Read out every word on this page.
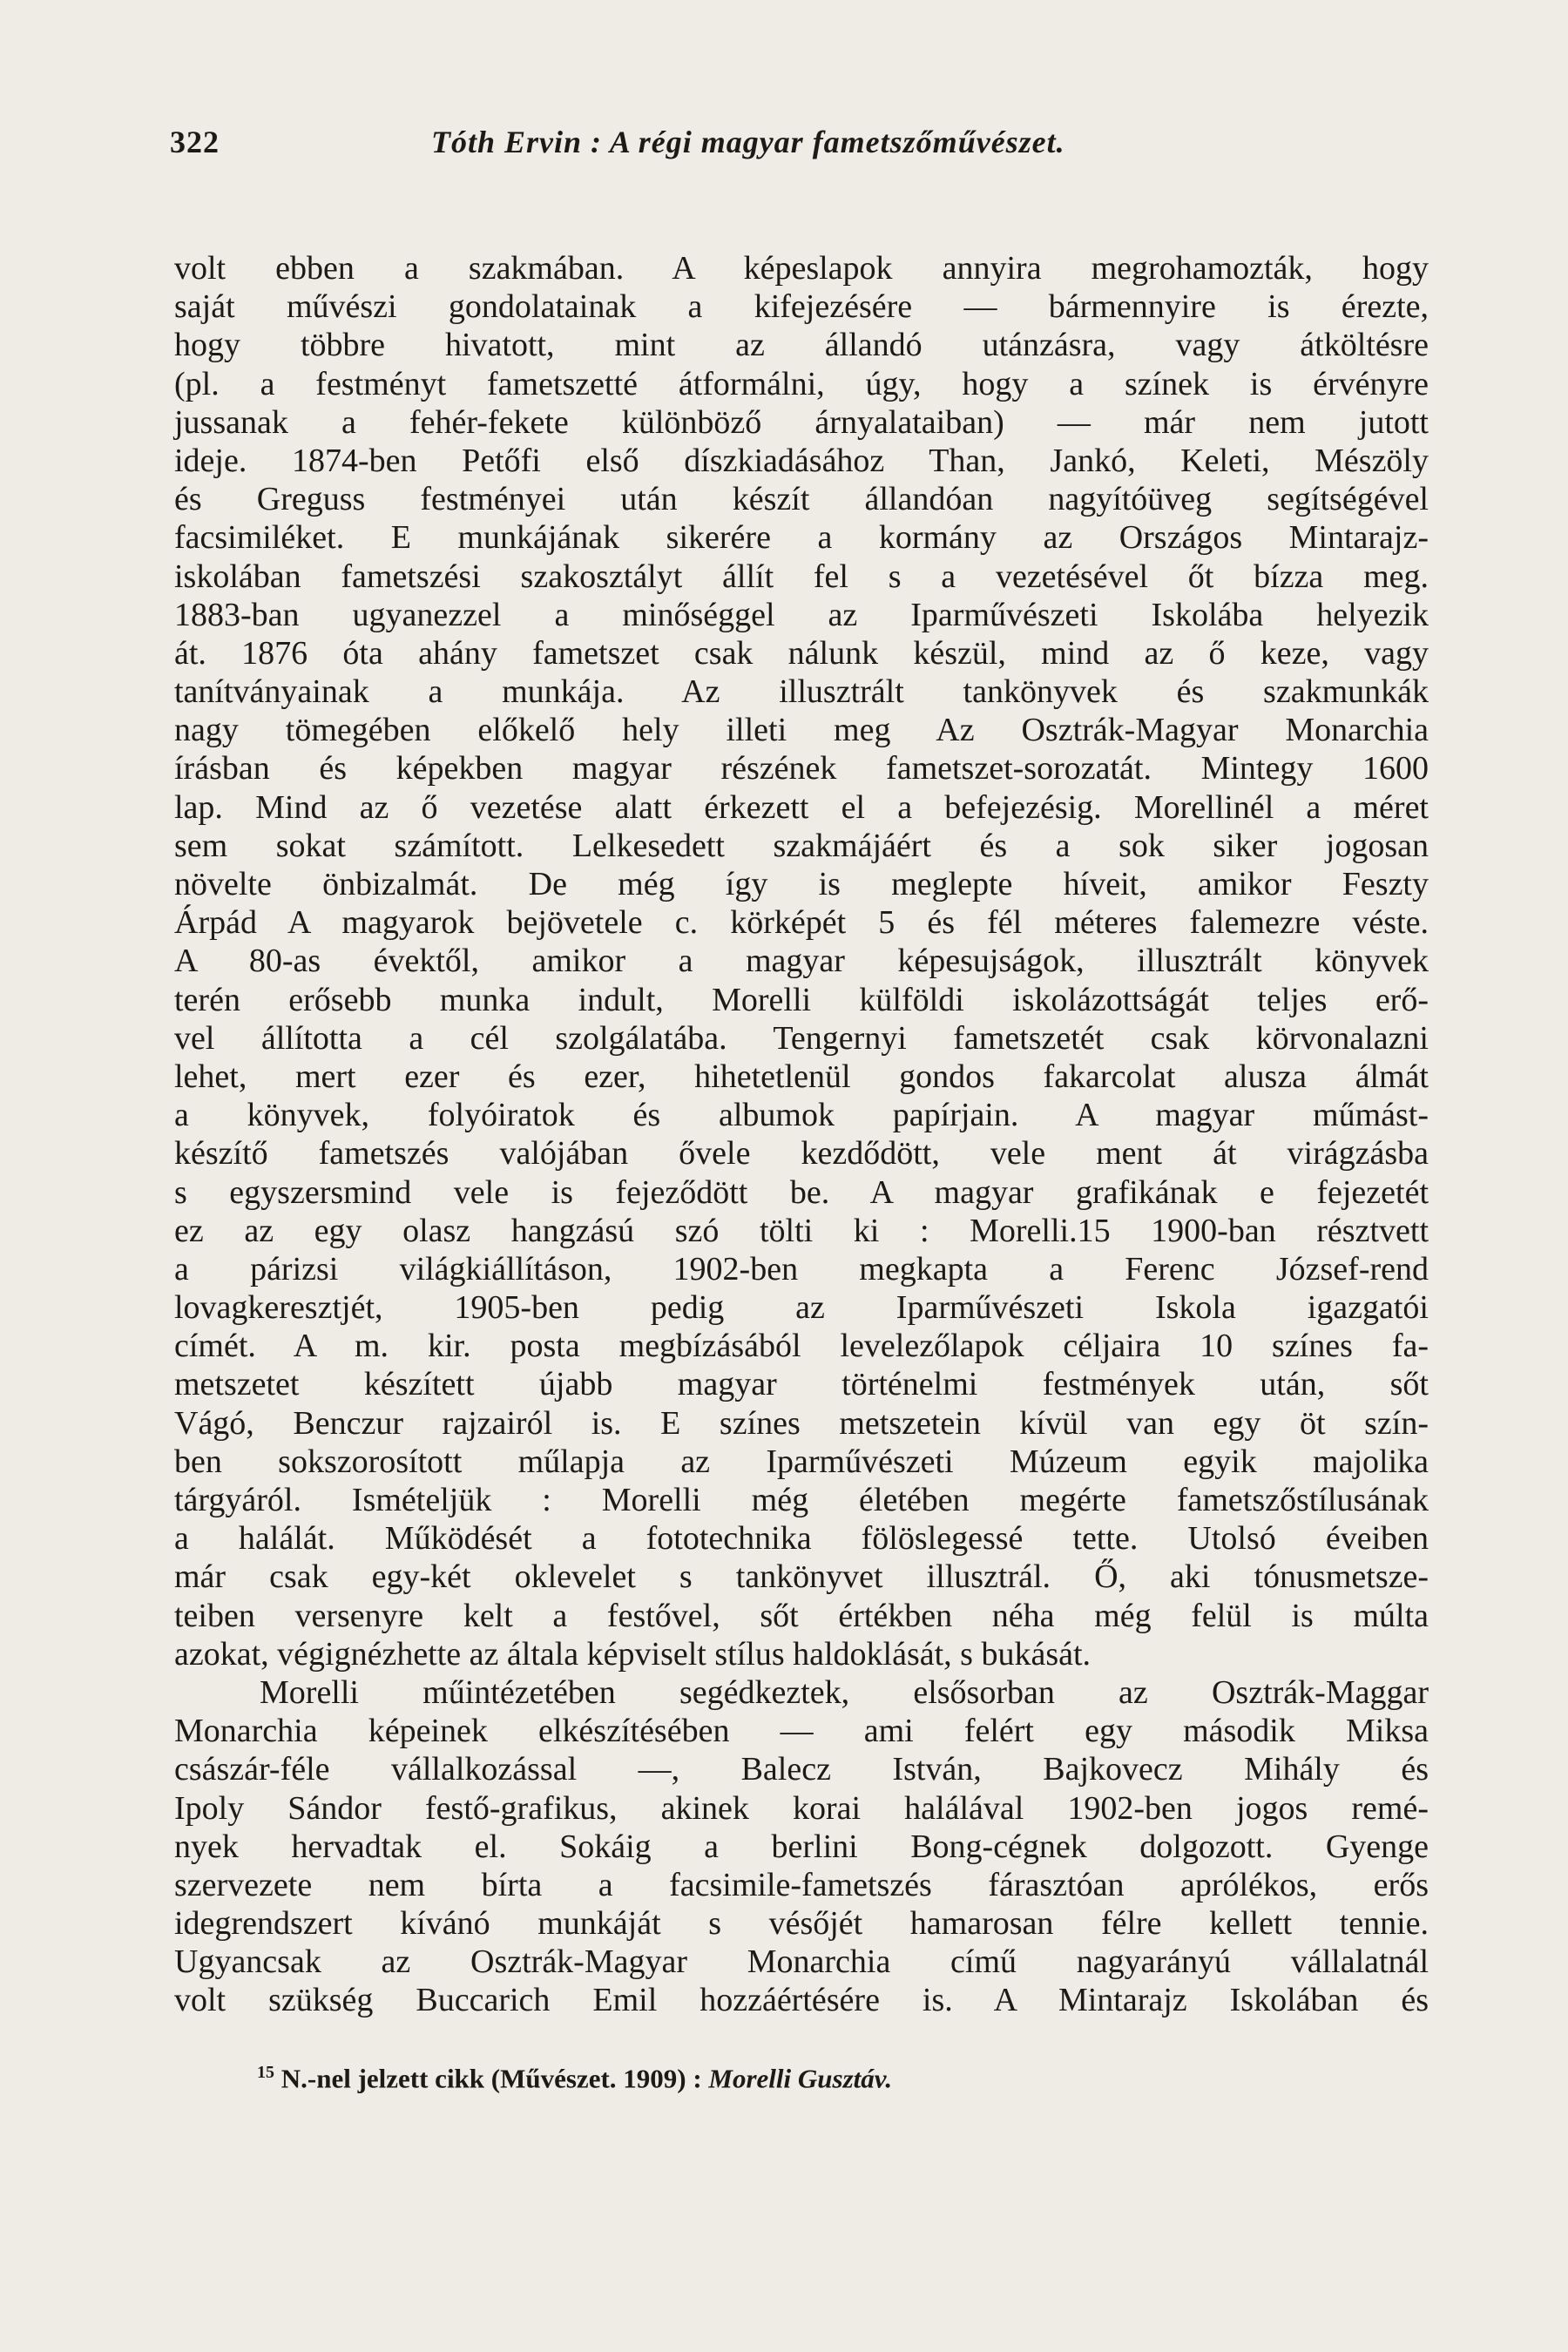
322	Tóth Ervin : A régi magyar fametszőművészet.
volt ebben a szakmában. A képeslapok annyira megrohamozták, hogy
saját művészi gondolatainak a kifejezésére — bármennyire is érezte,
hogy többre hivatott, mint az állandó utánzásra, vagy átköltésre
(pl. a festményt fametszetté átformálni, úgy, hogy a színek is érvényre
jussanak a fehér-fekete különböző árnyalataiban) — már nem jutott
ideje. 1874-ben Petőfi első díszkiadásához Than, Jankó, Keleti, Mészöly
és Greguss festményei után készít állandóan nagyítóüveg segítségével
facsimiléket. E munkájának sikerére a kormány az Országos Mintarajz-
iskolában fametszési szakosztályt állít fel s a vezetésével őt bízza meg.
1883-ban ugyanezzel a minőséggel az Iparművészeti Iskolába helyezik
át. 1876 óta ahány fametszet csak nálunk készül, mind az ő keze, vagy
tanítványainak a munkája. Az illusztrált tankönyvek és szakmunkák
nagy tömegében előkelő hely illeti meg Az Osztrák-Magyar Monarchia
írásban és képekben magyar részének fametszet-sorozatát. Mintegy 1600
lap. Mind az ő vezetése alatt érkezett el a befejezésig. Morellinél a méret
sem sokat számított. Lelkesedett szakmájáért és a sok siker jogosan
növelte önbizalmát. De még így is meglepte híveit, amikor Feszty
Árpád A magyarok bejövetele c. körképét 5 és fél méteres falemezre véste.
A 80-as évektől, amikor a magyar képesujságok, illusztrált könyvek
terén erősebb munka indult, Morelli külföldi iskolázottságát teljes erő-
vel állította a cél szolgálatába. Tengernyi fametszetét csak körvonalazni
lehet, mert ezer és ezer, hihetetlenül gondos fakarcolat alusza álmát
a könyvek, folyóiratok és albumok papírjain. A magyar műmást-
készítő fametszés valójában ővele kezdődött, vele ment át virágzásba
s egyszersmind vele is fejeződött be. A magyar grafikának e fejezetét
ez az egy olasz hangzású szó tölti ki : Morelli.15 1900-ban résztvett
a párizsi világkiállításon, 1902-ben megkapta a Ferenc József-rend
lovagkeresztjét, 1905-ben pedig az Iparművészeti Iskola igazgatói
címét. A m. kir. posta megbízásából levelezőlapok céljaira 10 színes fa-
metszetet készített újabb magyar történelmi festmények után, sőt
Vágó, Benczur rajzairól is. E színes metszetein kívül van egy öt szín-
ben sokszorosított műlapja az Iparművészeti Múzeum egyik majolika
tárgyáról. Ismételjük : Morelli még életében megérte fametszőstílusának
a halálát. Működését a fototechnika fölöslegessé tette. Utolsó éveiben
már csak egy-két oklevelet s tankönyvet illusztrál. Ő, aki tónusmetsze-
teiben versenyre kelt a festővel, sőt értékben néha még felül is múlta
azokat, végignézhette az általa képviselt stílus haldoklását, s bukását.
Morelli műintézetében segédkeztek, elsősorban az Osztrák-Maggar
Monarchia képeinek elkészítésében — ami felért egy második Miksa
császár-féle vállalkozással —, Balecz István, Bajkovecz Mihály és
Ipoly Sándor festő-grafikus, akinek korai halálával 1902-ben jogos remé-
nyek hervadtak el. Sokáig a berlini Bong-cégnek dolgozott. Gyenge
szervezete nem bírta a facsimile-fametszés fárasztóan aprólékos, erős
idegrendszert kívánó munkáját s vésőjét hamarosan félre kellett tennie.
Ugyancsak az Osztrák-Magyar Monarchia című nagyarányú vállalatnál
volt szükség Buccarich Emil hozzáértésére is. A Mintarajz Iskolában és
$^{15}$ N.-nel jelzett cikk (Művészet. 1909) : Morelli Gusztáv.
